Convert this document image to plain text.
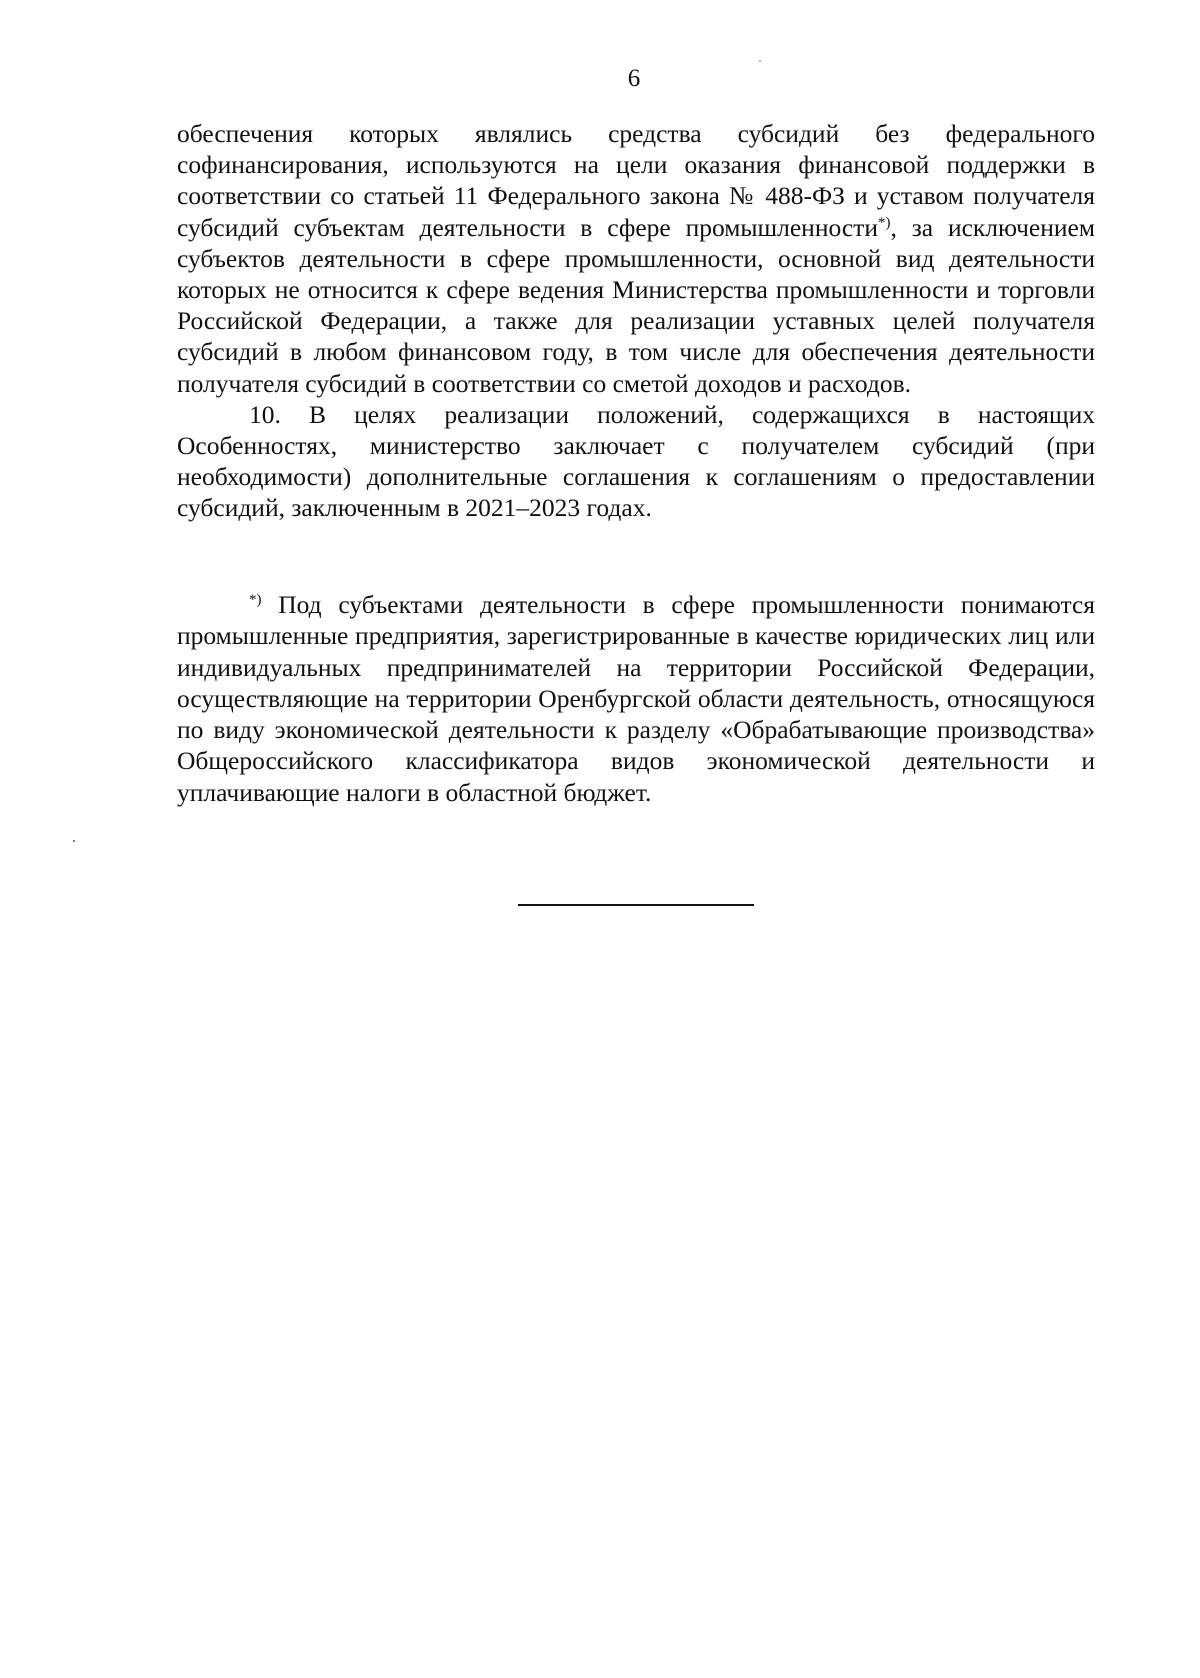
6

обеспечения которых являлись средства субсидий без федерального софинансирования, используются на цели оказания финансовой поддержки в соответствии со статьей 11 Федерального закона № 488-ФЗ и уставом получателя субсидий субъектам деятельности в сфере промышленности*), за исключением субъектов деятельности в сфере промышленности, основной вид деятельности которых не относится к сфере ведения Министерства промышленности и торговли Российской Федерации, а также для реализации уставных целей получателя субсидий в любом финансовом году, в том числе для обеспечения деятельности получателя субсидий в соответствии со сметой доходов и расходов.

10. В целях реализации положений, содержащихся в настоящих Особенностях, министерство заключает с получателем субсидий (при необходимости) дополнительные соглашения к соглашениям о предоставлении субсидий, заключенным в 2021–2023 годах.

*) Под субъектами деятельности в сфере промышленности понимаются промышленные предприятия, зарегистрированные в качестве юридических лиц или индивидуальных предпринимателей на территории Российской Федерации, осуществляющие на территории Оренбургской области деятельность, относящуюся по виду экономической деятельности к разделу «Обрабатывающие производства» Общероссийского классификатора видов экономической деятельности и уплачивающие налоги в областной бюджет.
